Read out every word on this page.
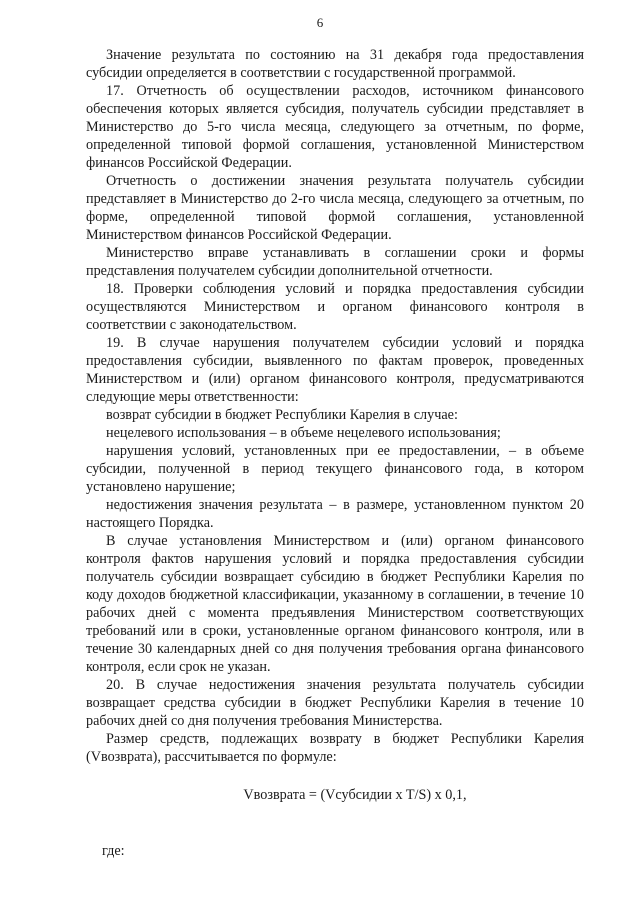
6

Значение результата по состоянию на 31 декабря года предоставления субсидии определяется в соответствии с государственной программой.

17. Отчетность об осуществлении расходов, источником финансового обеспечения которых является субсидия, получатель субсидии представляет в Министерство до 5-го числа месяца, следующего за отчетным, по форме, определенной типовой формой соглашения, установленной Министерством финансов Российской Федерации.

Отчетность о достижении значения результата получатель субсидии представляет в Министерство до 2-го числа месяца, следующего за отчетным, по форме, определенной типовой формой соглашения, установленной Министерством финансов Российской Федерации.

Министерство вправе устанавливать в соглашении сроки и формы представления получателем субсидии дополнительной отчетности.

18. Проверки соблюдения условий и порядка предоставления субсидии осуществляются Министерством и органом финансового контроля в соответствии с законодательством.

19. В случае нарушения получателем субсидии условий и порядка предоставления субсидии, выявленного по фактам проверок, проведенных Министерством и (или) органом финансового контроля, предусматриваются следующие меры ответственности:

возврат субсидии в бюджет Республики Карелия в случае:

нецелевого использования – в объеме нецелевого использования;

нарушения условий, установленных при ее предоставлении, – в объеме субсидии, полученной в период текущего финансового года, в котором установлено нарушение;

недостижения значения результата – в размере, установленном пунктом 20 настоящего Порядка.

В случае установления Министерством и (или) органом финансового контроля фактов нарушения условий и порядка предоставления субсидии получатель субсидии возвращает субсидию в бюджет Республики Карелия по коду доходов бюджетной классификации, указанному в соглашении, в течение 10 рабочих дней с момента предъявления Министерством соответствующих требований или в сроки, установленные органом финансового контроля, или в течение 30 календарных дней со дня получения требования органа финансового контроля, если срок не указан.

20. В случае недостижения значения результата получатель субсидии возвращает средства субсидии в бюджет Республики Карелия в течение 10 рабочих дней со дня получения требования Министерства.

Размер средств, подлежащих возврату в бюджет Республики Карелия (Vвозврата), рассчитывается по формуле:

Vвозврата = (Vсубсидии x T/S) x 0,1,

где:
